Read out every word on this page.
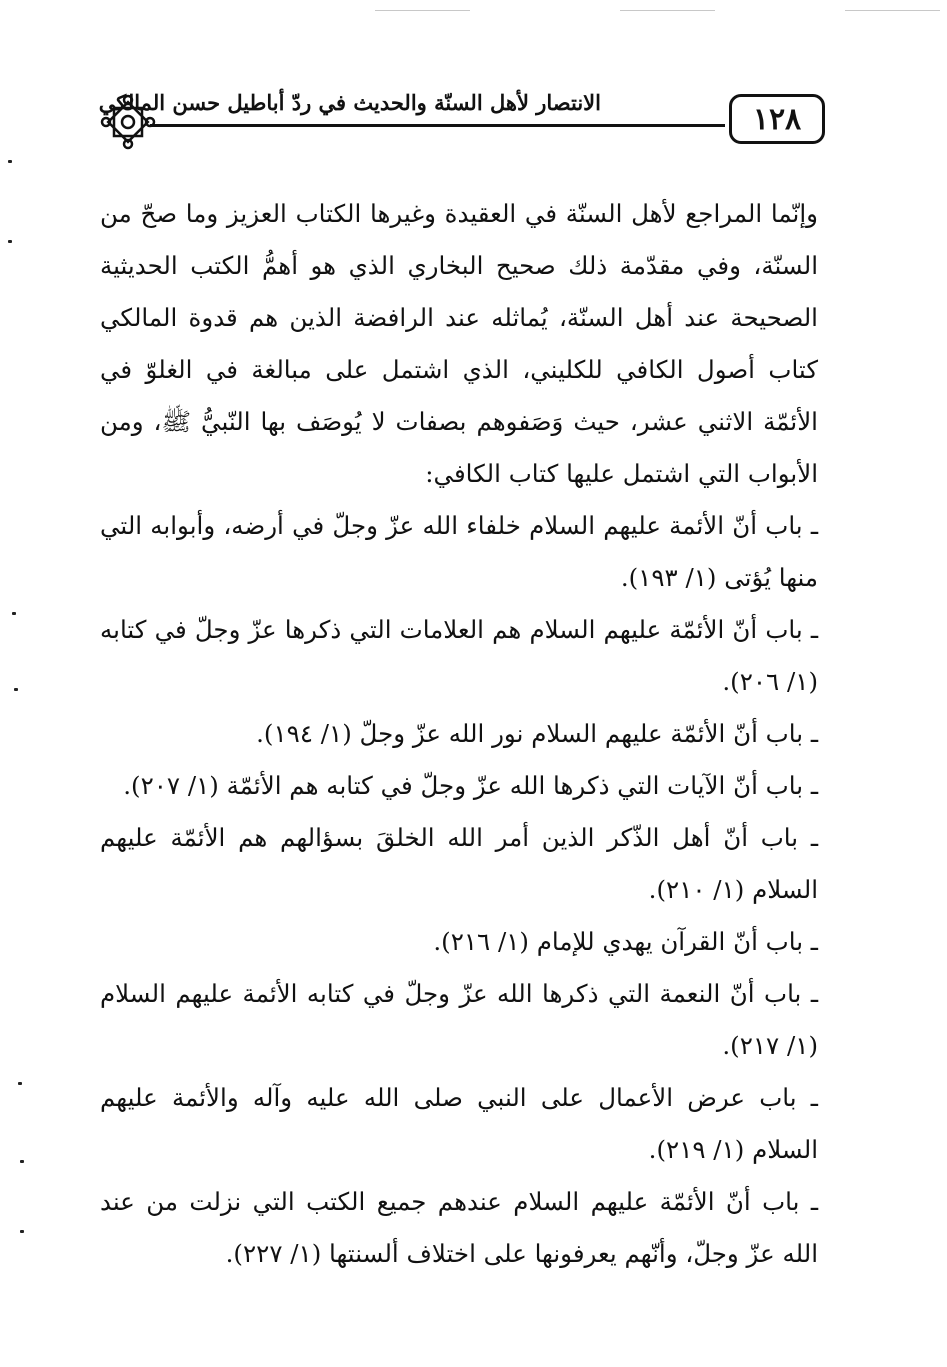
١٢٨
الانتصار لأهل السنّة والحديث في ردّ أباطيل حسن المالكي

وإنّما المراجع لأهل السنّة في العقيدة وغيرها الكتاب العزيز وما صحّ من السنّة، وفي مقدّمة ذلك صحيح البخاري الذي هو أهمُّ الكتب الحديثية الصحيحة عند أهل السنّة، يُماثله عند الرافضة الذين هم قدوة المالكي كتاب أصول الكافي للكليني، الذي اشتمل على مبالغة في الغلوّ في الأئمّة الاثني عشر، حيث وَصَفوهم بصفات لا يُوصَف بها النّبيُّ ﷺ، ومن الأبواب التي اشتمل عليها كتاب الكافي:

ـ باب أنّ الأئمة عليهم السلام خلفاء الله عزّ وجلّ في أرضه، وأبوابه التي منها يُؤتى (١/ ١٩٣).

ـ باب أنّ الأئمّة عليهم السلام هم العلامات التي ذكرها عزّ وجلّ في كتابه (١/ ٢٠٦).

ـ باب أنّ الأئمّة عليهم السلام نور الله عزّ وجلّ (١/ ١٩٤).

ـ باب أنّ الآيات التي ذكرها الله عزّ وجلّ في كتابه هم الأئمّة (١/ ٢٠٧).

ـ باب أنّ أهل الذّكر الذين أمر الله الخلقَ بسؤالهم هم الأئمّة عليهم السلام (١/ ٢١٠).

ـ باب أنّ القرآن يهدي للإمام (١/ ٢١٦).

ـ باب أنّ النعمة التي ذكرها الله عزّ وجلّ في كتابه الأئمة عليهم السلام (١/ ٢١٧).

ـ باب عرض الأعمال على النبي صلى الله عليه وآله والأئمة عليهم السلام (١/ ٢١٩).

ـ باب أنّ الأئمّة عليهم السلام عندهم جميع الكتب التي نزلت من عند الله عزّ وجلّ، وأنّهم يعرفونها على اختلاف ألسنتها (١/ ٢٢٧).
